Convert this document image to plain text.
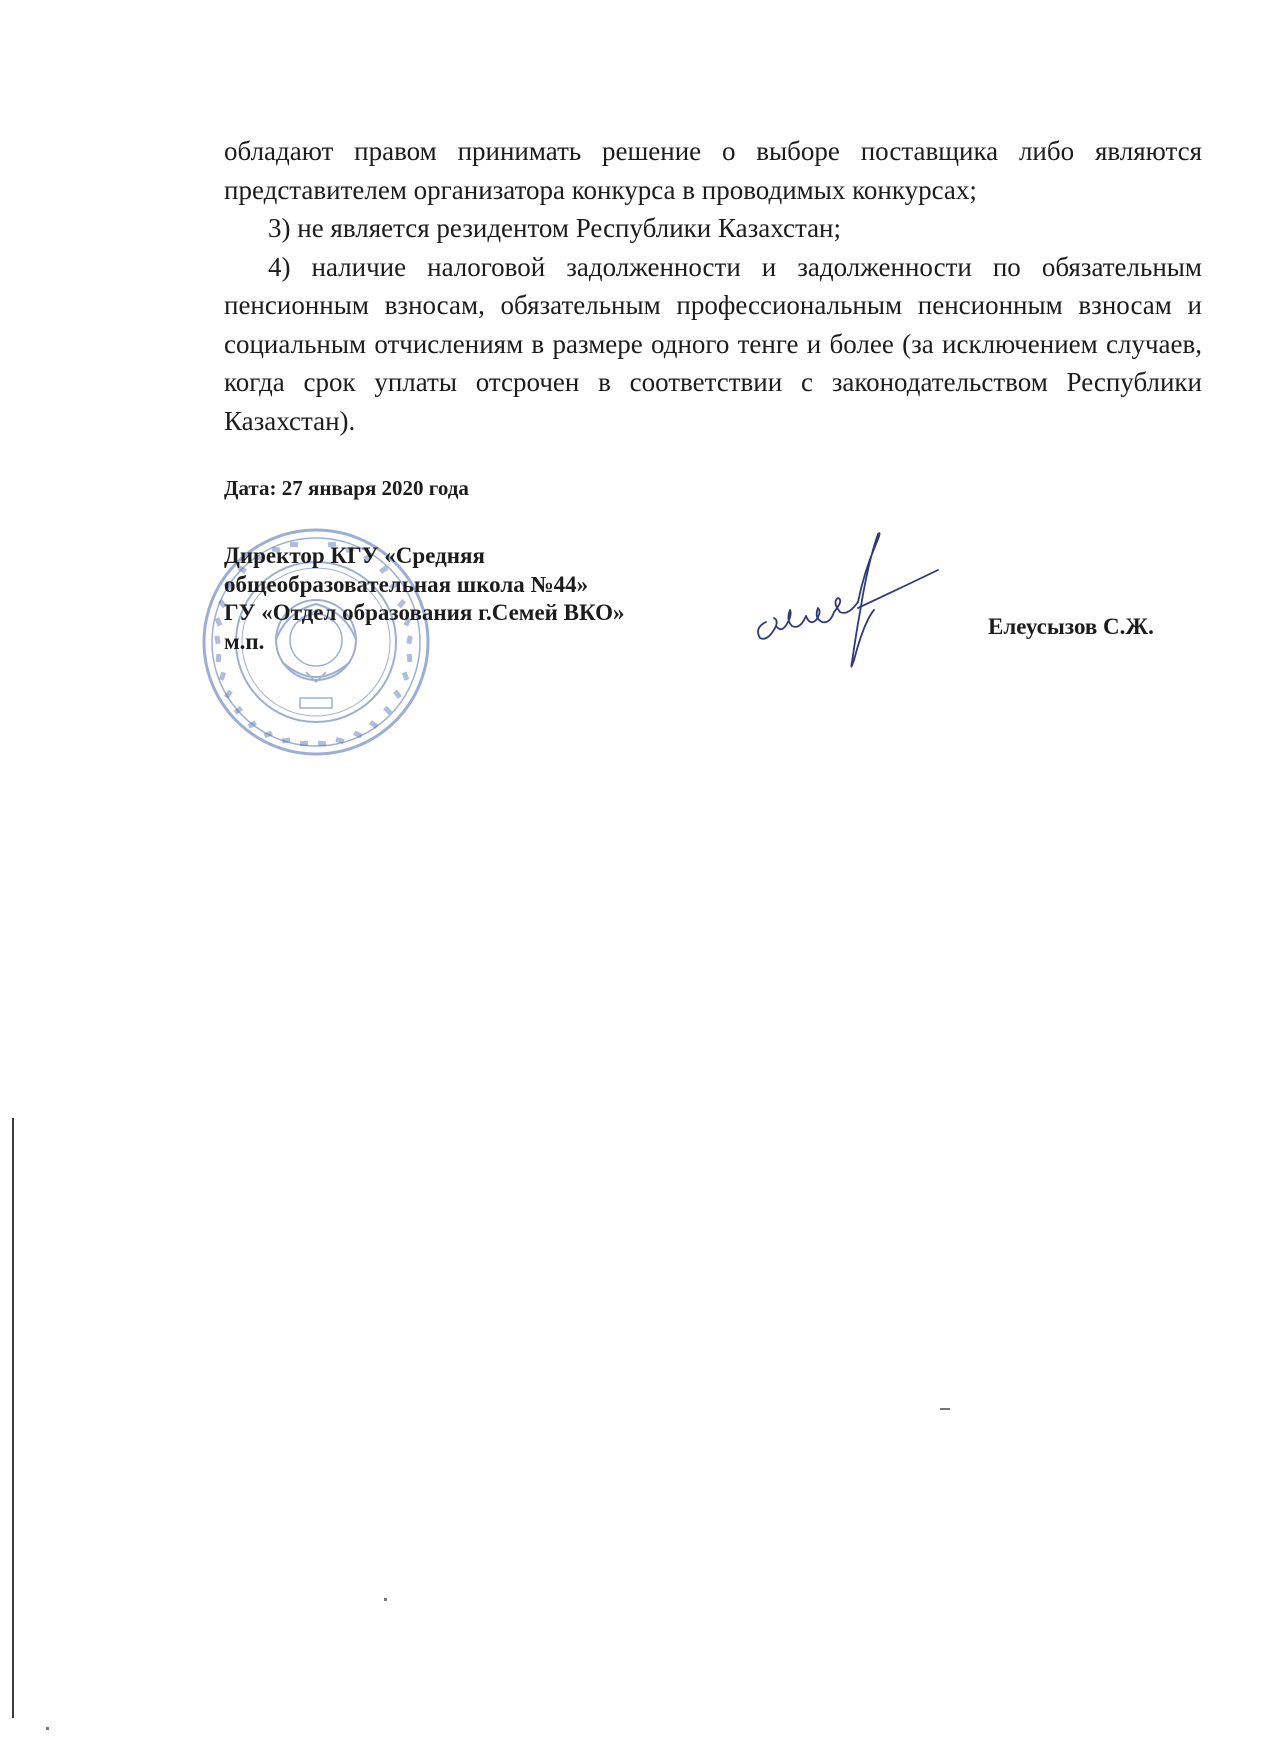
обладают правом принимать решение о выборе поставщика либо являются представителем организатора конкурса в проводимых конкурсах;

3) не является резидентом Республики Казахстан;

4) наличие налоговой задолженности и задолженности по обязательным пенсионным взносам, обязательным профессиональным пенсионным взносам и социальным отчислениям в размере одного тенге и более (за исключением случаев, когда срок уплаты отсрочен в соответствии с законодательством Республики Казахстан).

Дата: 27 января 2020 года
Директор КГУ «Средняя
общеобразовательная школа №44»
ГУ «Отдел образования г.Семей ВКО»
м.п.
Елеусызов С.Ж.
